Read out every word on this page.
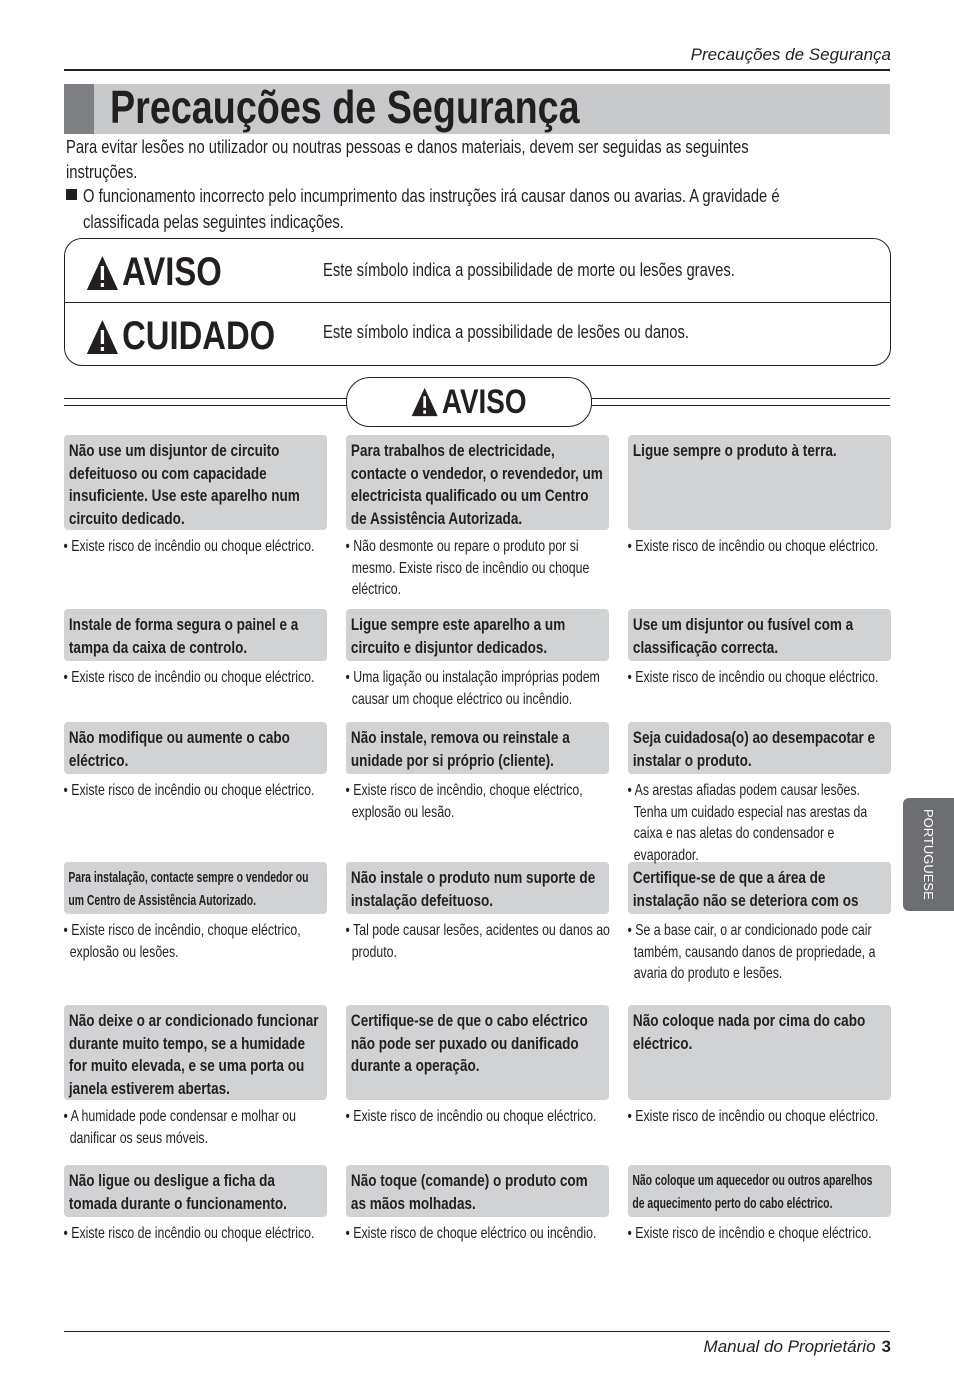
Precauções de Segurança
Precauções de Segurança
Para evitar lesões no utilizador ou noutras pessoas e danos materiais, devem ser seguidas as seguintes
instruções.
O funcionamento incorrecto pelo incumprimento das instruções irá causar danos ou avarias. A gravidade é
classificada pelas seguintes indicações.
AVISO	Este símbolo indica a possibilidade de morte ou lesões graves.
CUIDADO	Este símbolo indica a possibilidade de lesões ou danos.
AVISO
Não use um disjuntor de circuito defeituoso ou com capacidade insuficiente. Use este aparelho num circuito dedicado.
Para trabalhos de electricidade, contacte o vendedor, o revendedor, um electricista qualificado ou um Centro de Assistência Autorizada.
Ligue sempre o produto à terra.
Instale de forma segura o painel e a tampa da caixa de controlo.
Ligue sempre este aparelho a um circuito e disjuntor dedicados.
Use um disjuntor ou fusível com a classificação correcta.
Não modifique ou aumente o cabo eléctrico.
Não instale, remova ou reinstale a unidade por si próprio (cliente).
Seja cuidadosa(o) ao desempacotar e instalar o produto.
Para instalação, contacte sempre o vendedor ou um Centro de Assistência Autorizado.
Não instale o produto num suporte de instalação defeituoso.
Certifique-se de que a área de instalação não se deteriora com os
Não deixe o ar condicionado funcionar durante muito tempo, se a humidade for muito elevada, e se uma porta ou janela estiverem abertas.
Certifique-se de que o cabo eléctrico não pode ser puxado ou danificado durante a operação.
Não coloque nada por cima do cabo eléctrico.
Não ligue ou desligue a ficha da tomada durante o funcionamento.
Não toque (comande) o produto com as mãos molhadas.
Não coloque um aquecedor ou outros aparelhos de aquecimento perto do cabo eléctrico.
• Existe risco de incêndio ou choque eléctrico.	• Não desmonte ou repare o produto por si mesmo. Existe risco de incêndio ou choque eléctrico.
• Existe risco de incêndio ou choque eléctrico.
• Existe risco de incêndio ou choque eléctrico.	• Uma ligação ou instalação impróprias podem causar um choque eléctrico ou incêndio.
• Existe risco de incêndio ou choque eléctrico.
• Existe risco de incêndio ou choque eléctrico.	• Existe risco de incêndio, choque eléctrico, explosão ou lesão.
• As arestas afiadas podem causar lesões. Tenha um cuidado especial nas arestas da caixa e nas aletas do condensador e evaporador.
• Existe risco de incêndio, choque eléctrico, explosão ou lesões.
• Tal pode causar lesões, acidentes ou danos ao produto.
• Se a base cair, o ar condicionado pode cair também, causando danos de propriedade, a avaria do produto e lesões.
• A humidade pode condensar e molhar ou danificar os seus móveis.
• Existe risco de incêndio ou choque eléctrico.	• Existe risco de incêndio ou choque eléctrico.
• Existe risco de incêndio ou choque eléctrico.	• Existe risco de choque eléctrico ou incêndio.	• Existe risco de incêndio e choque eléctrico.
PORTUGUESE
Manual do Proprietário 3
